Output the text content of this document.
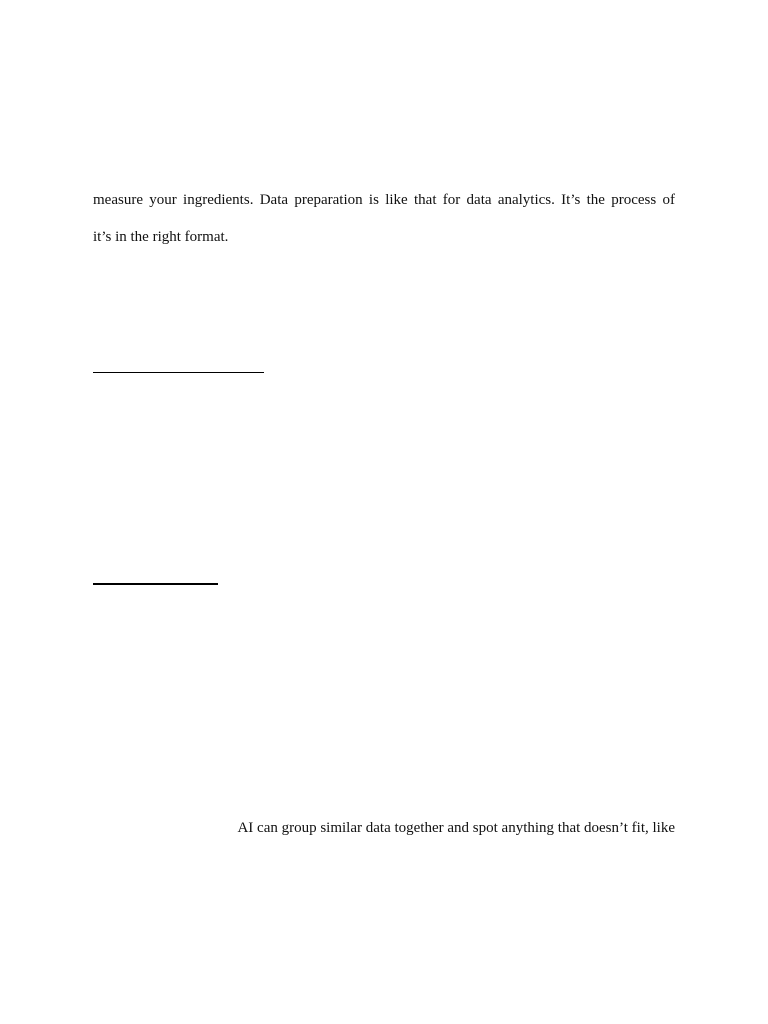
measure your ingredients. Data preparation is like that for data analytics. It’s the process of

it’s in the right format.

AI can group similar data together and spot anything that doesn’t fit, like
